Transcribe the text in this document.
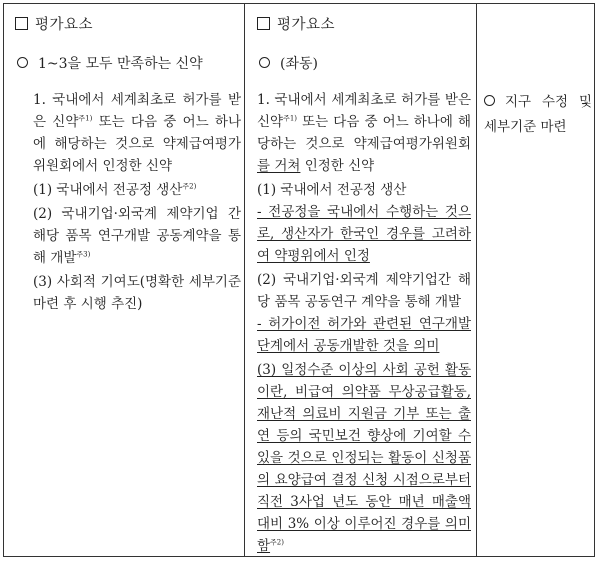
평가요소
1~3을 모두 만족하는 신약
1. 국내에서 세계최초로 허가를 받은 신약$^{주1)}$ 또는 다음 중 어느 하나에 해당하는 것으로 약제급여평가위원회에서 인정한 신약
(1) 국내에서 전공정 생산$^{주2)}$
(2) 국내기업·외국계 제약기업 간 해당 품목 연구개발 공동계약을 통해 개발$^{주3)}$
(3) 사회적 기여도(명확한 세부기준 마련 후 시행 추진)
평가요소
(좌동)
1. 국내에서 세계최초로 허가를 받은 신약$^{주1)}$ 또는 다음 중 어느 하나에 해당하는 것으로 약제급여평가위원회를 거쳐 인정한 신약
(1) 국내에서 전공정 생산
- 전공정을 국내에서 수행하는 것으로, 생산자가 한국인 경우를 고려하여 약평위에서 인정
(2) 국내기업·외국계 제약기업간 해당 품목 공동연구 계약을 통해 개발
- 허가이전 허가와 관련된 연구개발 단계에서 공동개발한 것을 의미
(3) 일정수준 이상의 사회 공헌 활동이란, 비급여 의약품 무상공급활동, 재난적 의료비 지원금 기부 또는 출연 등의 국민보건 향상에 기여할 수 있을 것으로 인정되는 활동이 신청품의 요양급여 결정 신청 시점으로부터 직전 3사업 년도 동안 매년 매출액 대비 3% 이상 이루어진 경우를 의미함$^{주2)}$
지구 수정 및 세부기준 마련
